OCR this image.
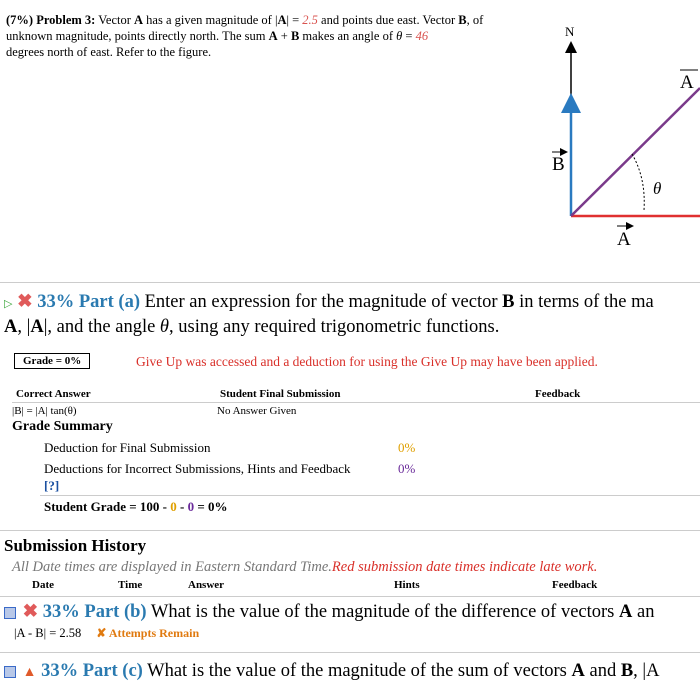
(7%) Problem 3: Vector A has a given magnitude of |A| = 2.5 and points due east. Vector B, of unknown magnitude, points directly north. The sum A + B makes an angle of θ = 46
degrees north of east. Refer to the figure.
N
B
A
A
θ
▷ ✖ 33% Part (a) Enter an expression for the magnitude of vector B in terms of the ma
A, |A|, and the angle θ, using any required trigonometric functions.
Grade = 0%	Give Up was accessed and a deduction for using the Give Up may have been applied.
Correct Answer	Student Final Submission	Feedback
|B| = |A| tan(θ)	No Answer Given
Grade Summary
Deduction for Final Submission	0%
Deductions for Incorrect Submissions, Hints and Feedback	0%
[?]
Student Grade = 100 - 0 - 0 = 0%
Submission History
All Date times are displayed in Eastern Standard Time.Red submission date times indicate late work.
Date	Time	Answer	Hints	Feedback
✖ 33% Part (b) What is the value of the magnitude of the difference of vectors A an
|A - B| = 2.58 ✘ Attempts Remain
▲ 33% Part (c) What is the value of the magnitude of the sum of vectors A and B, |A
